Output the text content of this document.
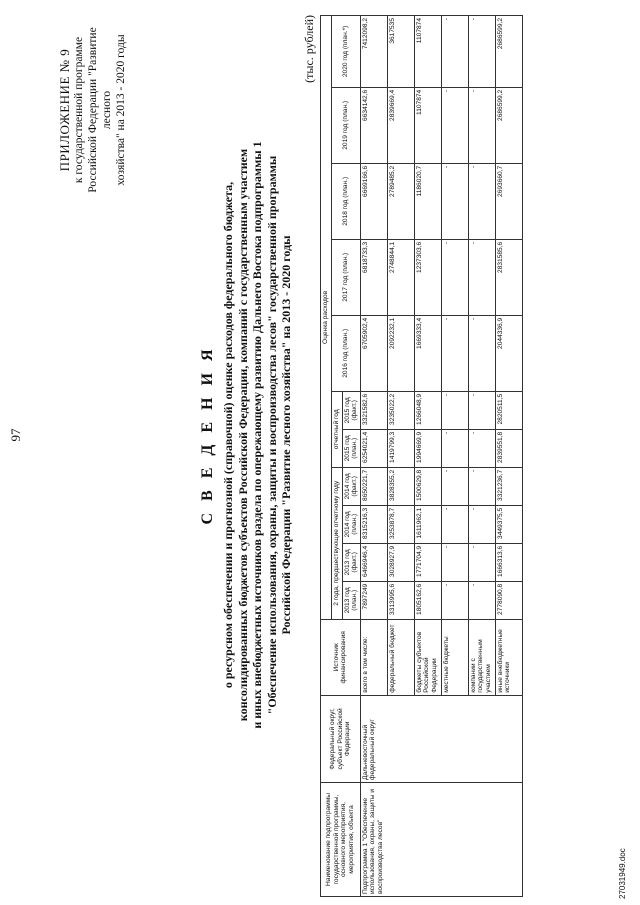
97
ПРИЛОЖЕНИЕ № 9 к государственной программе Российской Федерации "Развитие лесного хозяйства" на 2013 - 2020 годы
С В Е Д Е Н И Я о ресурсном обеспечении и прогнозной (справочной) оценке расходов федерального бюджета, консолидированных бюджетов субъектов Российской Федерации, компаний с государственным участием и иных внебюджетных источников раздела по опережающему развитию Дальнего Востока подпрограммы 1 "Обеспечение использования, охраны, защиты и воспроизводства лесов" государственной программы Российской Федерации "Развитие лесного хозяйства" на 2013 - 2020 годы
(тыс. рублей)
Наименование подпрограммы государственной программы, основного мероприятия, мероприятия, объекта	Федеральный округ, субъект Российской Федерации	Источник финансирования	Оценка расходов										
			2 года, предшествующие отчетному году				отчетный год		2016 год (план.)	2017 год (план.)	2018 год (план.)	2019 год (план.)	2020 год (план.*)
			2013 год (план.)	2013 год (факт.)	2014 год (план.)	2014 год (факт.)	2015 год (план.)	2015 год (факт.)					
Подпрограмма 1 "Обеспечение использования, охраны, защиты и воспроизводства лесов"	Дальневосточный федеральный округ	всего в том числе:	7897249	6466946,4	8315216,3	8650221,7	6254021,4	3321582,6	6705902,4	6818733,3	6669166,6	6634142,6	7412098,2
		федеральный бюджет	3313995,6	3028927,9	3253878,7	3828355,2	1419799,3	3235022,2	2092232,1	2748844,1	2789485,2	2839669,4	3617535
		бюджеты субъектов Российской Федерации	1805162,6	1771704,9	1611962,1	1500629,8	1994669,9	1266048,9	1669333,4	1237303,6	1186020,7	1107874	1107874
		местные бюджеты	-	-	-	-	-	-	-	-	-	-	-
		компании с государственным участием	-	-	-	-	-	-	-	-	-	-	-
		иные внебюджетные источники	2778090,8	1666313,6	3449375,5	3321236,7	2839551,8	2820511,5	2044336,9	2831585,6	2693660,7	2686599,2	2686599,2
27031949.doc
